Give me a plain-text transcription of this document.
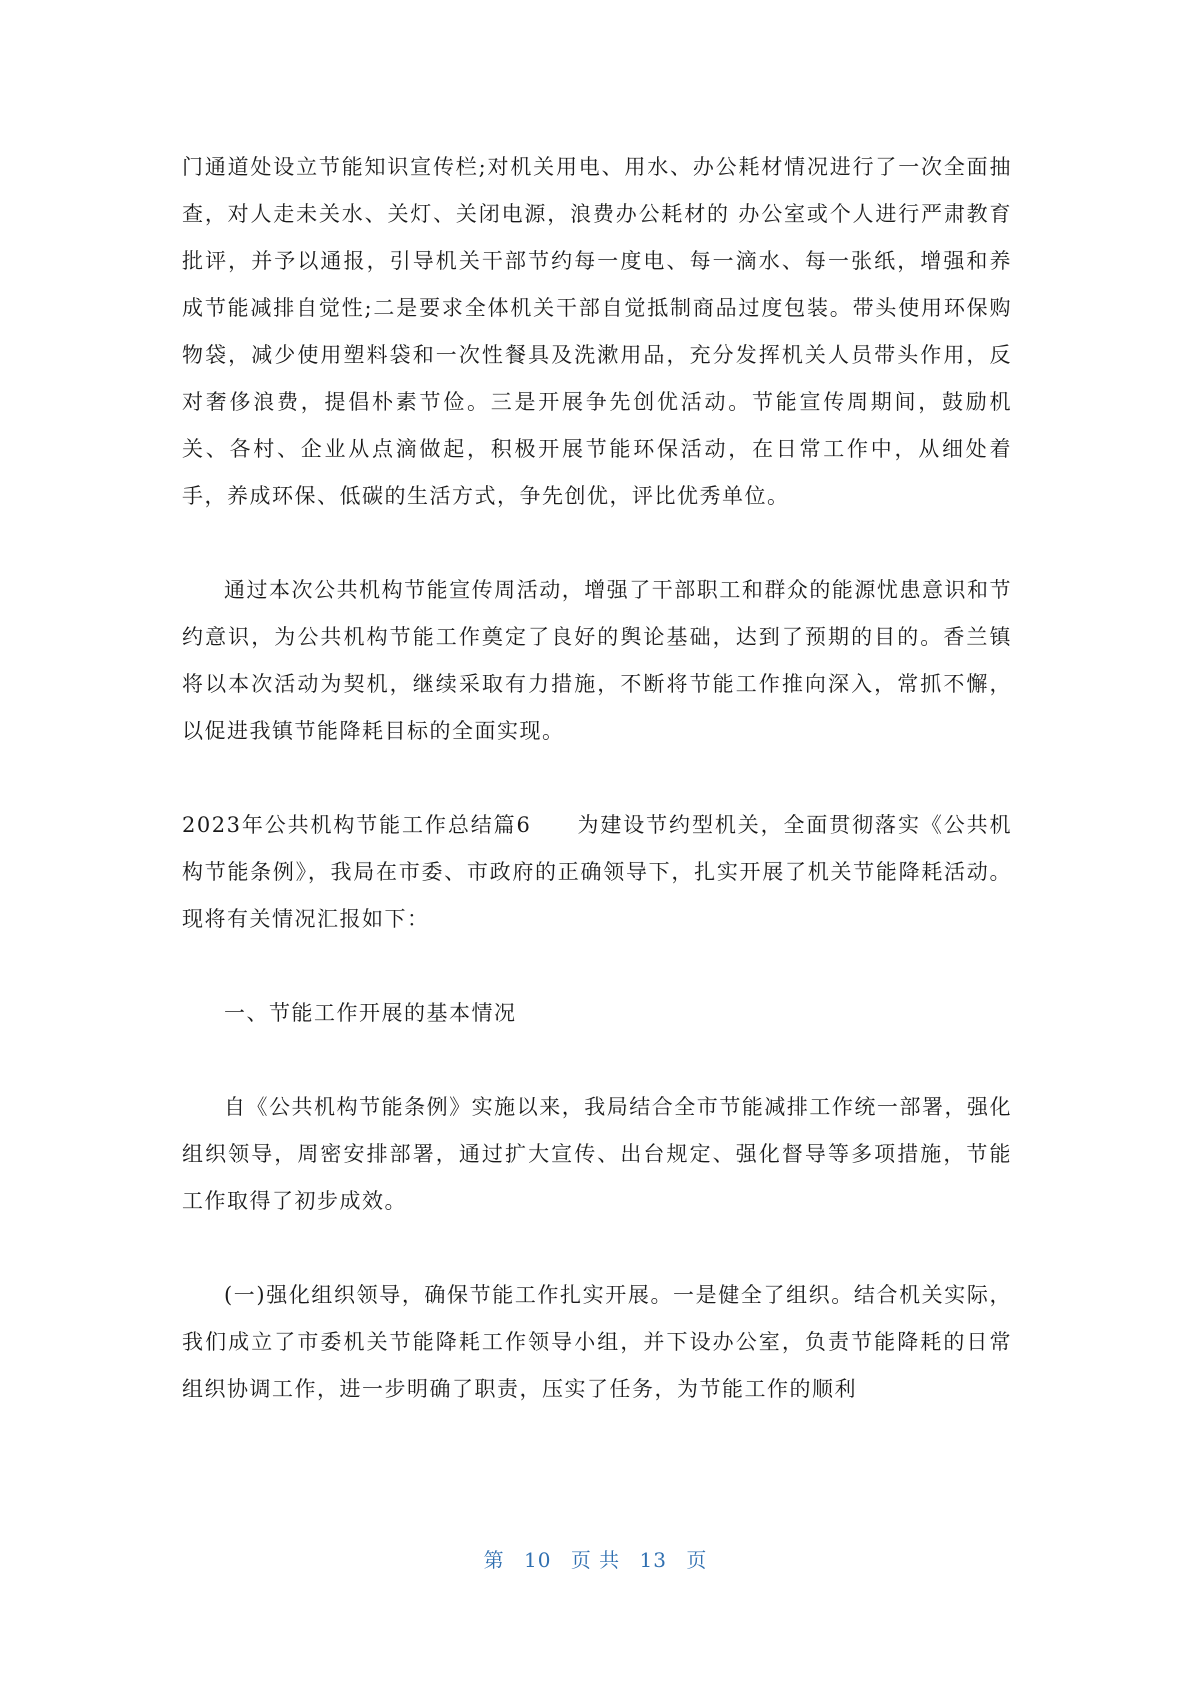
门通道处设立节能知识宣传栏;对机关用电、用水、办公耗材情况进行了一次全面抽查，对人走未关水、关灯、关闭电源，浪费办公耗材的 办公室或个人进行严肃教育批评，并予以通报，引导机关干部节约每一度电、每一滴水、每一张纸，增强和养成节能减排自觉性;二是要求全体机关干部自觉抵制商品过度包装。带头使用环保购物袋，减少使用塑料袋和一次性餐具及洗漱用品，充分发挥机关人员带头作用，反对奢侈浪费，提倡朴素节俭。三是开展争先创优活动。节能宣传周期间，鼓励机关、各村、企业从点滴做起，积极开展节能环保活动，在日常工作中，从细处着手，养成环保、低碳的生活方式，争先创优，评比优秀单位。

通过本次公共机构节能宣传周活动，增强了干部职工和群众的能源忧患意识和节约意识，为公共机构节能工作奠定了良好的舆论基础，达到了预期的目的。香兰镇将以本次活动为契机，继续采取有力措施，不断将节能工作推向深入，常抓不懈，以促进我镇节能降耗目标的全面实现。

2023年公共机构节能工作总结篇6　　为建设节约型机关，全面贯彻落实《公共机构节能条例》，我局在市委、市政府的正确领导下，扎实开展了机关节能降耗活动。现将有关情况汇报如下：

一、节能工作开展的基本情况

自《公共机构节能条例》实施以来，我局结合全市节能减排工作统一部署，强化组织领导，周密安排部署，通过扩大宣传、出台规定、强化督导等多项措施，节能工作取得了初步成效。

(一)强化组织领导，确保节能工作扎实开展。一是健全了组织。结合机关实际，我们成立了市委机关节能降耗工作领导小组，并下设办公室，负责节能降耗的日常组织协调工作，进一步明确了职责，压实了任务，为节能工作的顺利

第 10 页 共 13 页
